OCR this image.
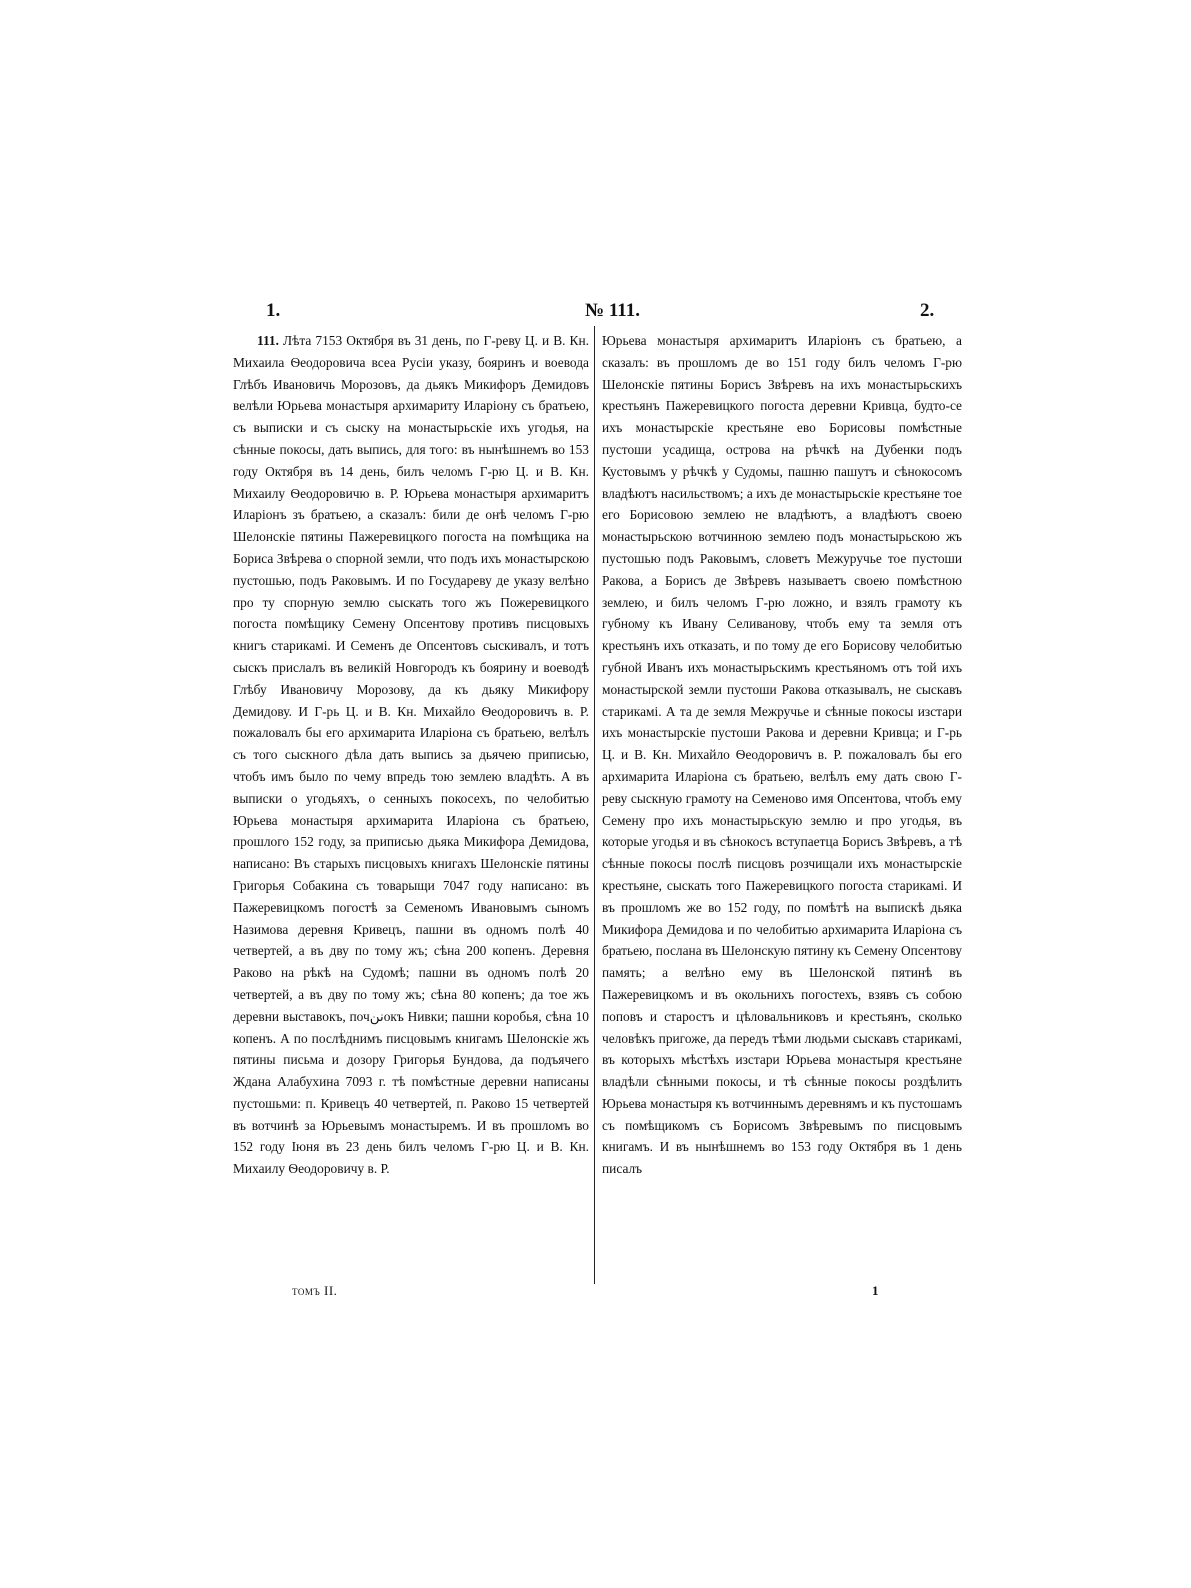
1.	№ 111.	2.

111. Лѣта 7153 Октября въ 31 день, по Г-реву Ц. и В. Кн. Михаила Ѳеодоровича всеа Русіи указу, бояринъ и воевода Глѣбъ Ивановичь Морозовъ, да дьякъ Микифоръ Демидовъ велѣли Юрьева монастыря архимариту Иларіону съ братьею, съ выписки и съ сыску на монастырьскіе ихъ угодья, на сѣнные покосы, дать выпись, для того: въ нынѣшнемъ во 153 году Октября въ 14 день, билъ челомъ Г-рю Ц. и В. Кн. Михаилу Ѳеодоровичю в. Р. Юрьева монастыря архимаритъ Иларіонъ зъ братьею, а сказалъ: били де онѣ челомъ Г-рю Шелонскіе пятины Пажеревицкого погоста на помѣщика на Бориса Звѣрева о спорной земли, что подъ ихъ монастырскою пустошью, подъ Раковымъ. И по Государеву де указу велѣно про ту спорную землю сыскать того жъ Пожеревицкого погоста помѣщику Семену Опсентову противъ писцовыхъ книгъ старикамі. И Семенъ де Опсентовъ сыскивалъ, и тотъ сыскъ прислалъ въ великій Новгородъ къ боярину и воеводѣ Глѣбу Ивановичу Морозову, да къ дьяку Микифору Демидову. И Г-рь Ц. и В. Кн. Михайло Ѳеодоровичъ в. Р. пожаловалъ бы его архимарита Иларіона съ братьею, велѣлъ съ того сыскного дѣла дать выпись за дьячею приписью, чтобъ имъ было по чему впредь тою землею владѣть. А въ выписки о угодьяхъ, о сенныхъ покосехъ, по челобитью Юрьева монастыря архимарита Иларіона съ братьею, прошлого 152 году, за приписью дьяка Микифора Демидова, написано: Въ старыхъ писцовыхъ книгахъ Шелонскіе пятины Григорья Собакина съ товарыщи 7047 году написано: въ Пажеревицкомъ погостѣ за Семеномъ Ивановымъ сыномъ Назимова деревня Кривецъ, пашни въ одномъ полѣ 40 четвертей, а въ дву по тому жъ; сѣна 200 копенъ. Деревня Раково на рѣкѣ на Судомѣ; пашни въ одномъ полѣ 20 четвертей, а въ дву по тому жъ; сѣна 80 копенъ; да тое жъ деревни выставокъ, почننокъ Нивки; пашни коробья, сѣна 10 копенъ. А по послѣднимъ писцовымъ книгамъ Шелонскіе жъ пятины письма и дозору Григорья Бундова, да подъячего Ждана Алабухина 7093 г. тѣ помѣстные деревни написаны пустошьми: п. Кривецъ 40 четвертей, п. Раково 15 четвертей въ вотчинѣ за Юрьевымъ монастыремъ. И въ прошломъ во 152 году Іюня въ 23 день билъ челомъ Г-рю Ц. и В. Кн. Михаилу Ѳеодоровичу в. Р.

Юрьева монастыря архимаритъ Иларіонъ съ братьею, а сказалъ: въ прошломъ де во 151 году билъ челомъ Г-рю Шелонскіе пятины Борисъ Звѣревъ на ихъ монастырьскихъ крестьянъ Пажеревицкого погоста деревни Кривца, будто-се ихъ монастырскіе крестьяне ево Борисовы помѣстные пустоши усадища, острова на рѣчкѣ на Дубенки подъ Кустовымъ у рѣчкѣ у Судомы, пашню пашутъ и сѣнокосомъ владѣютъ насильствомъ; а ихъ де монастырьскіе крестьяне тое его Борисовою землею не владѣютъ, а владѣютъ своею монастырьскою вотчинною землею подъ монастырьскою жъ пустошью подъ Раковымъ, словетъ Межуручье тое пустоши Ракова, а Борисъ де Звѣревъ называетъ своею помѣстною землею, и билъ челомъ Г-рю ложно, и взялъ грамоту къ губному къ Ивану Селиванову, чтобъ ему та земля отъ крестьянъ ихъ отказать, и по тому де его Борисову челобитью губной Иванъ ихъ монастырьскимъ крестьяномъ отъ той ихъ монастырской земли пустоши Ракова отказывалъ, не сыскавъ старикамі. А та де земля Межручье и сѣнные покосы изстари ихъ монастырскіе пустоши Ракова и деревни Кривца; и Г-рь Ц. и В. Кн. Михайло Ѳеодоровичъ в. Р. пожаловалъ бы его архимарита Иларіона съ братьею, велѣлъ ему дать свою Г-реву сыскную грамоту на Семеново имя Опсентова, чтобъ ему Семену про ихъ монастырьскую землю и про угодья, въ которые угодья и въ сѣнокосъ вступаетца Борисъ Звѣревъ, а тѣ сѣнные покосы послѣ писцовъ розчищали ихъ монастырскіе крестьяне, сыскать того Пажеревицкого погоста старикамі. И въ прошломъ же во 152 году, по помѣтѣ на выпискѣ дьяка Микифора Демидова и по челобитью архимарита Иларіона съ братьею, послана въ Шелонскую пятину къ Семену Опсентову память; а велѣно ему въ Шелонской пятинѣ въ Пажеревицкомъ и въ окольнихъ погостехъ, взявъ съ собою поповъ и старостъ и цѣловальниковъ и крестьянъ, сколько человѣкъ пригоже, да передъ тѣми людьми сыскавъ старикамі, въ которыхъ мѣстѣхъ изстари Юрьева монастыря крестьяне владѣли сѣнными покосы, и тѣ сѣнные покосы роздѣлить Юрьева монастыря къ вотчиннымъ деревнямъ и къ пустошамъ съ помѣщикомъ съ Борисомъ Звѣревымъ по писцовымъ книгамъ. И въ нынѣшнемъ во 153 году Октября въ 1 день писалъ

томъ II.	1
